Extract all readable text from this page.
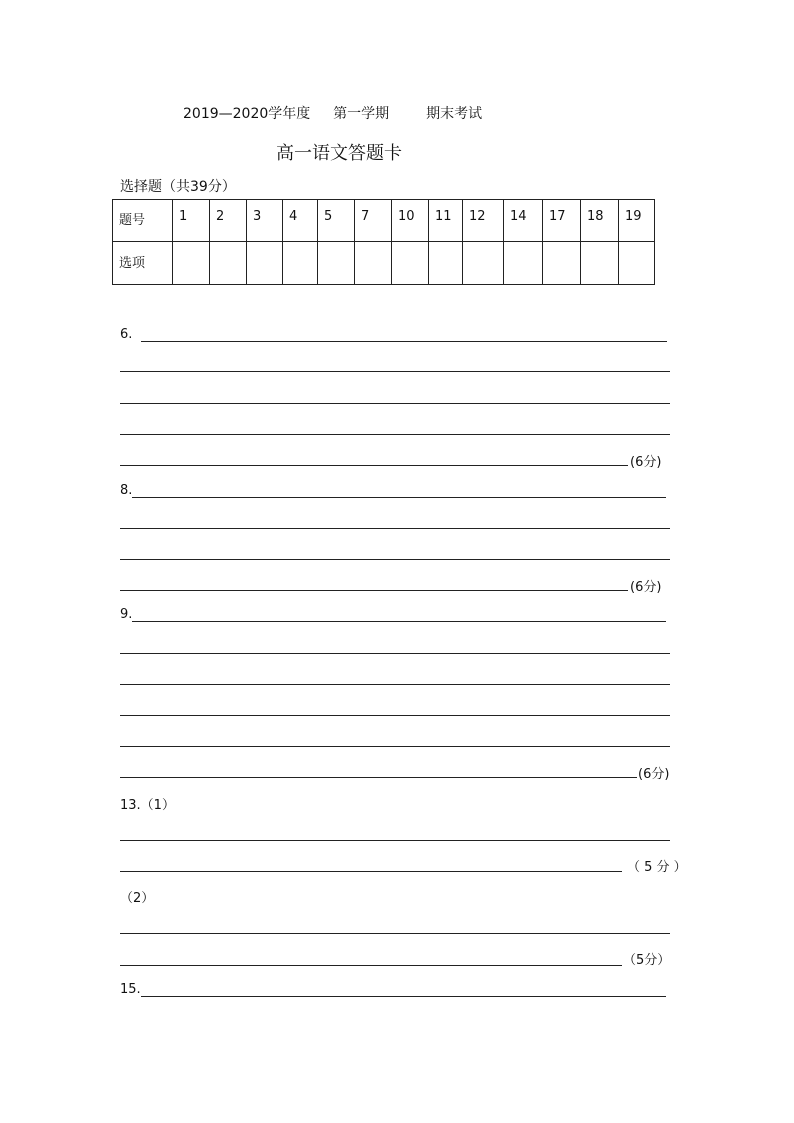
2019—2020学年度 第一学期	期末考试
高一语文答题卡
选择题（共39分）
题号	1	2	3	4	5	7	10	11	12	14	17	18	19
选项													
6.
(6分)
8.
(6分)
9.
(6分)
13.（1）
（ 5 分 ）
（2）
（5分）
15.
